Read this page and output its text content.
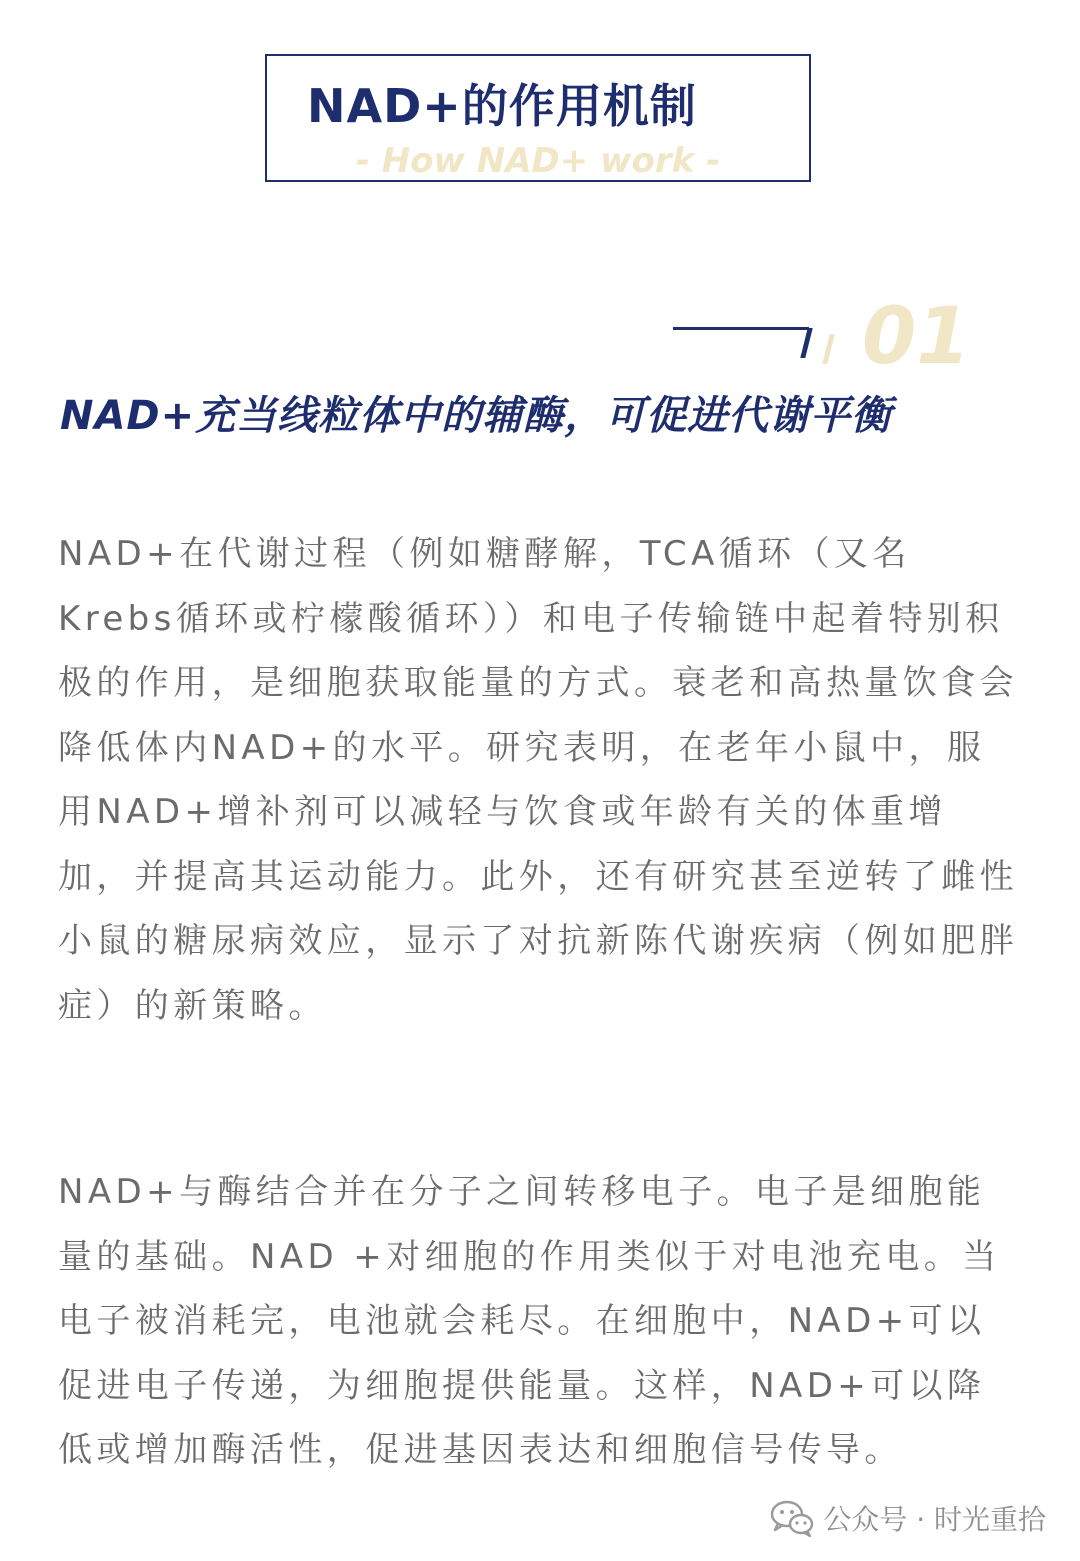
NAD+的作用机制
- How NAD+ work -
01
NAD+充当线粒体中的辅酶，可促进代谢平衡

NAD+在代谢过程（例如糖酵解，TCA循环（又名Krebs循环或柠檬酸循环））和电子传输链中起着特别积极的作用，是细胞获取能量的方式。衰老和高热量饮食会降低体内NAD+的水平。研究表明，在老年小鼠中，服用NAD+增补剂可以减轻与饮食或年龄有关的体重增加，并提高其运动能力。此外，还有研究甚至逆转了雌性小鼠的糖尿病效应，显示了对抗新陈代谢疾病（例如肥胖症）的新策略。

NAD+与酶结合并在分子之间转移电子。电子是细胞能量的基础。NAD +对细胞的作用类似于对电池充电。当电子被消耗完，电池就会耗尽。在细胞中，NAD+可以促进电子传递，为细胞提供能量。这样，NAD+可以降低或增加酶活性，促进基因表达和细胞信号传导。

公众号 · 时光重拾
